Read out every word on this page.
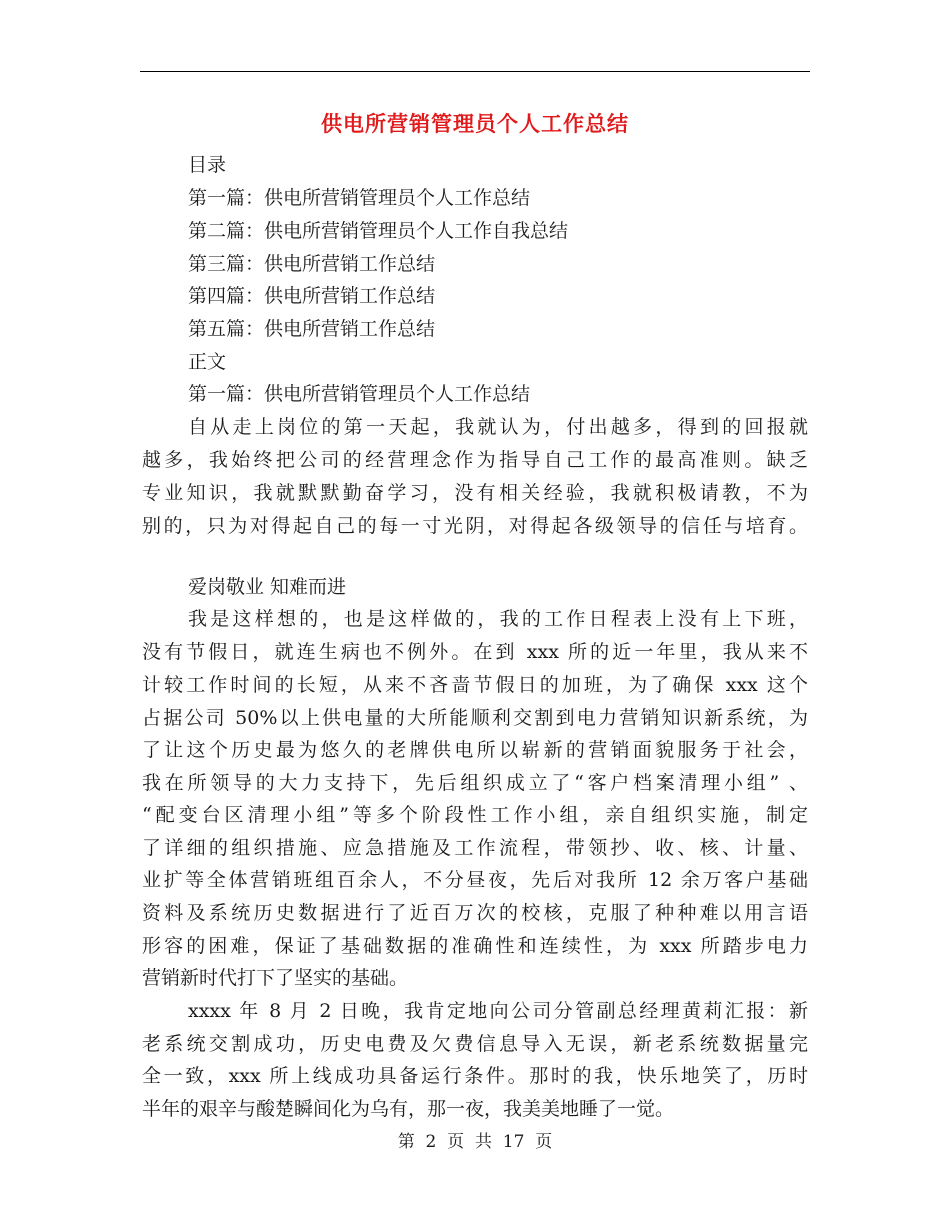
供电所营销管理员个人工作总结
目录
第一篇：供电所营销管理员个人工作总结
第二篇：供电所营销管理员个人工作自我总结
第三篇：供电所营销工作总结
第四篇：供电所营销工作总结
第五篇：供电所营销工作总结
正文
第一篇：供电所营销管理员个人工作总结
自从走上岗位的第一天起，我就认为，付出越多，得到的回报就
越多，我始终把公司的经营理念作为指导自己工作的最高准则。缺乏
专业知识，我就默默勤奋学习，没有相关经验，我就积极请教，不为
别的，只为对得起自己的每一寸光阴，对得起各级领导的信任与培育。
爱岗敬业 知难而进
我是这样想的，也是这样做的，我的工作日程表上没有上下班，
没有节假日，就连生病也不例外。在到 xxx 所的近一年里，我从来不
计较工作时间的长短，从来不吝啬节假日的加班，为了确保 xxx 这个
占据公司 50%以上供电量的大所能顺利交割到电力营销知识新系统，为
了让这个历史最为悠久的老牌供电所以崭新的营销面貌服务于社会，
我在所领导的大力支持下，先后组织成立了“客户档案清理小组” 、
“配变台区清理小组”等多个阶段性工作小组，亲自组织实施，制定
了详细的组织措施、应急措施及工作流程，带领抄、收、核、计量、
业扩等全体营销班组百余人，不分昼夜，先后对我所 12 余万客户基础
资料及系统历史数据进行了近百万次的校核，克服了种种难以用言语
形容的困难，保证了基础数据的准确性和连续性，为 xxx 所踏步电力
营销新时代打下了坚实的基础。
xxxx 年 8 月 2 日晚，我肯定地向公司分管副总经理黄莉汇报：新
老系统交割成功，历史电费及欠费信息导入无误，新老系统数据量完
全一致，xxx 所上线成功具备运行条件。那时的我，快乐地笑了，历时
半年的艰辛与酸楚瞬间化为乌有，那一夜，我美美地睡了一觉。
第  2  页  共  17  页
